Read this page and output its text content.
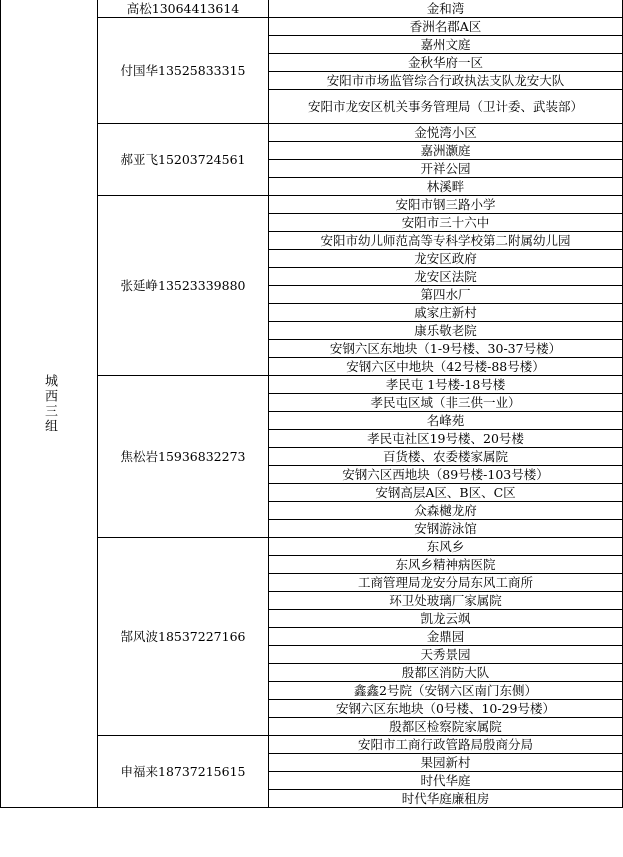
城西三组	高松13064413614	金和湾
	付国华13525833315	香洲名郡A区
		嘉州文庭
		金秋华府一区
		安阳市市场监管综合行政执法支队龙安大队
		安阳市龙安区机关事务管理局（卫计委、武装部）
	郝亚飞15203724561	金悦湾小区
		嘉洲灏庭
		开祥公园
		林溪畔
	张延峥13523339880	安阳市钢三路小学
		安阳市三十六中
		安阳市幼儿师范高等专科学校第二附属幼儿园
		龙安区政府
		龙安区法院
		第四水厂
		戚家庄新村
		康乐敬老院
		安钢六区东地块（1-9号楼、30-37号楼）
		安钢六区中地块（42号楼-88号楼）
	焦松岩15936832273	孝民屯 1号楼-18号楼
		孝民屯区域（非三供一业）
		名峰苑
		孝民屯社区19号楼、20号楼
		百货楼、农委楼家属院
		安钢六区西地块（89号楼-103号楼）
		安钢高层A区、B区、C区
		众森樾龙府
		安钢游泳馆
	郜风波18537227166	东风乡
		东风乡精神病医院
		工商管理局龙安分局东风工商所
		环卫处玻璃厂家属院
		凯龙云飒
		金鼎园
		天秀景园
		殷都区消防大队
		鑫鑫2号院（安钢六区南门东侧）
		安钢六区东地块（0号楼、10-29号楼）
		殷都区检察院家属院
	申福来18737215615	安阳市工商行政管路局殷商分局
		果园新村
		时代华庭
		时代华庭廉租房
